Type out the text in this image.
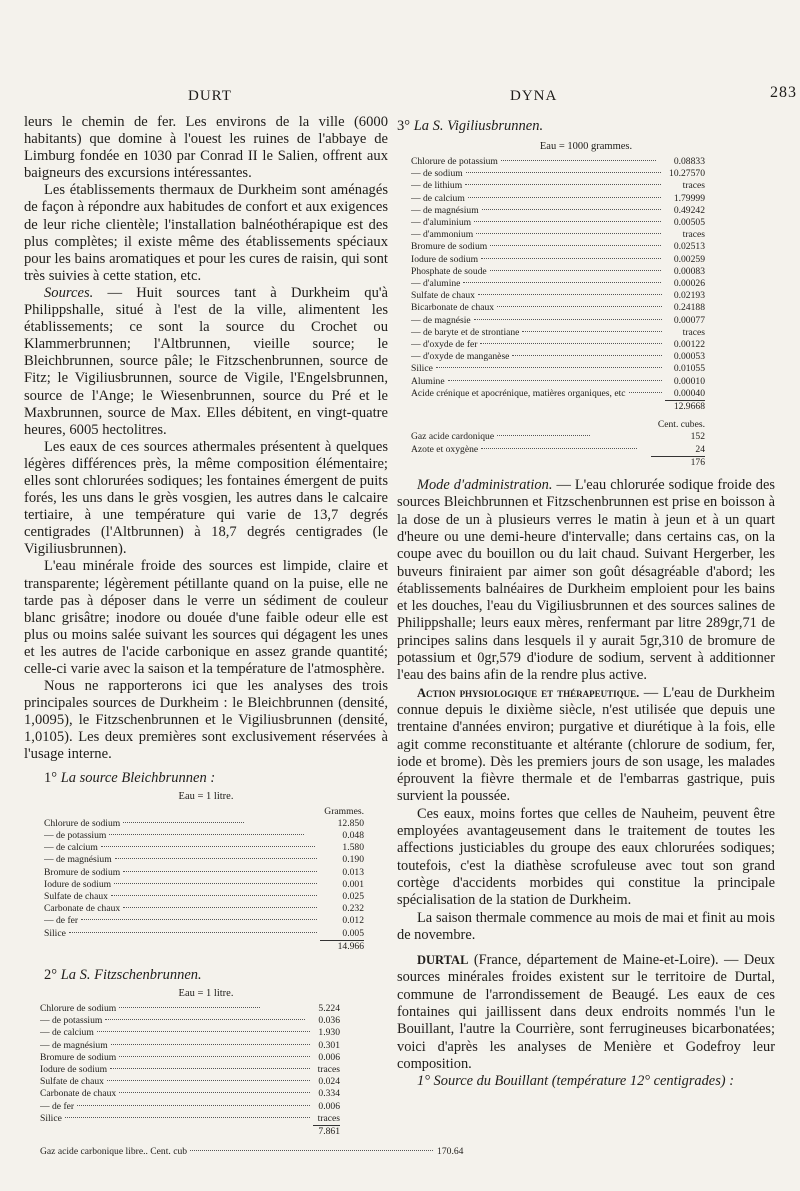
DURT	DYNA	283

leurs le chemin de fer. Les environs de la ville (6000 habitants) que domine à l'ouest les ruines de l'abbaye de Limburg fondée en 1030 par Conrad II le Salien, offrent aux baigneurs des excursions intéressantes.

Les établissements thermaux de Durkheim sont aménagés de façon à répondre aux habitudes de confort et aux exigences de leur riche clientèle; l'installation balnéothérapique est des plus complètes; il existe même des établissements spéciaux pour les bains aromatiques et pour les cures de raisin, qui sont très suivies à cette station, etc.

Sources. — Huit sources tant à Durkheim qu'à Philippshalle, situé à l'est de la ville, alimentent les établissements; ce sont la source du Crochet ou Klammerbrunnen; l'Altbrunnen, vieille source; le Bleichbrunnen, source pâle; le Fitzschenbrunnen, source de Fitz; le Vigiliusbrunnen, source de Vigile, l'Engelsbrunnen, source de l'Ange; le Wiesenbrunnen, source du Pré et le Maxbrunnen, source de Max. Elles débitent, en vingt-quatre heures, 6005 hectolitres.

Les eaux de ces sources athermales présentent à quelques légères différences près, la même composition élémentaire; elles sont chlorurées sodiques; les fontaines émergent de puits forés, les uns dans le grès vosgien, les autres dans le calcaire tertiaire, à une température qui varie de 13,7 degrés centigrades (l'Altbrunnen) à 18,7 degrés centigrades (le Vigiliusbrunnen).

L'eau minérale froide des sources est limpide, claire et transparente; légèrement pétillante quand on la puise, elle ne tarde pas à déposer dans le verre un sédiment de couleur blanc grisâtre; inodore ou douée d'une faible odeur elle est plus ou moins salée suivant les sources qui dégagent les unes et les autres de l'acide carbonique en assez grande quantité; celle-ci varie avec la saison et la température de l'atmosphère.

Nous ne rapporterons ici que les analyses des trois principales sources de Durkheim : le Bleichbrunnen (densité, 1,0095), le Fitzschenbrunnen et le Vigiliusbrunnen (densité, 1,0105). Les deux premières sont exclusivement réservées à l'usage interne.

1° La source Bleichbrunnen :
Eau = 1 litre.
	Grammes.
Chlorure de sodium	12.850
— de potassium	0.048
— de calcium	1.580
— de magnésium	0.190
Bromure de sodium	0.013
Iodure de sodium	0.001
Sulfate de chaux	0.025
Carbonate de chaux	0.232
— de fer	0.012
Silice	0.005
	14.966
2° La S. Fitzschenbrunnen.
Eau = 1 litre.
Chlorure de sodium	5.224
— de potassium	0.036
— de calcium	1.930
— de magnésium	0.301
Bromure de sodium	0.006
Iodure de sodium	traces
Sulfate de chaux	0.024
Carbonate de chaux	0.334
— de fer	0.006
Silice	traces
	7.861
Gaz acide carbonique libre.. Cent. cub	170.64
3° La S. Vigiliusbrunnen.
Eau = 1000 grammes.
Chlorure de potassium	0.08833
— de sodium	10.27570
— de lithium	traces
— de calcium	1.79999
— de magnésium	0.49242
— d'aluminium	0.00505
— d'ammonium	traces
Bromure de sodium	0.02513
Iodure de sodium	0.00259
Phosphate de soude	0.00083
— d'alumine	0.00026
Sulfate de chaux	0.02193
Bicarbonate de chaux	0.24188
— de magnésie	0.00077
— de baryte et de strontiane	traces
— d'oxyde de fer	0.00122
— d'oxyde de manganèse	0.00053
Silice	0.01055
Alumine	0.00010
Acide crénique et apocrénique, matières organiques, etc	0.00040
	12.9668
	Cent. cubes.
Gaz acide cardonique	152
Azote et oxygène	24
	176

Mode d'administration. — L'eau chlorurée sodique froide des sources Bleichbrunnen et Fitzschenbrunnen est prise en boisson à la dose de un à plusieurs verres le matin à jeun et à un quart d'heure ou une demi-heure d'intervalle; dans certains cas, on la coupe avec du bouillon ou du lait chaud. Suivant Hergerber, les buveurs finiraient par aimer son goût désagréable d'abord; les établissements balnéaires de Durkheim emploient pour les bains et les douches, l'eau du Vigiliusbrunnen et des sources salines de Philippshalle; leurs eaux mères, renfermant par litre 289gr,71 de principes salins dans lesquels il y aurait 5gr,310 de bromure de potassium et 0gr,579 d'iodure de sodium, servent à additionner l'eau des bains afin de la rendre plus active.

Action physiologique et thérapeutique. — L'eau de Durkheim connue depuis le dixième siècle, n'est utilisée que depuis une trentaine d'années environ; purgative et diurétique à la fois, elle agit comme reconstituante et altérante (chlorure de sodium, fer, iode et brome). Dès les premiers jours de son usage, les malades éprouvent la fièvre thermale et de l'embarras gastrique, puis survient la poussée.

Ces eaux, moins fortes que celles de Nauheim, peuvent être employées avantageusement dans le traitement de toutes les affections justiciables du groupe des eaux chlorurées sodiques; toutefois, c'est la diathèse scrofuleuse avec tout son grand cortège d'accidents morbides qui constitue la principale spécialisation de la station de Durkheim.

La saison thermale commence au mois de mai et finit au mois de novembre.

DURTAL (France, département de Maine-et-Loire). — Deux sources minérales froides existent sur le territoire de Durtal, commune de l'arrondissement de Beaugé. Les eaux de ces fontaines qui jaillissent dans deux endroits nommés l'un le Bouillant, l'autre la Courrière, sont ferrugineuses bicarbonatées; voici d'après les analyses de Menière et Godefroy leur composition.

1° Source du Bouillant (température 12° centigrades) :
